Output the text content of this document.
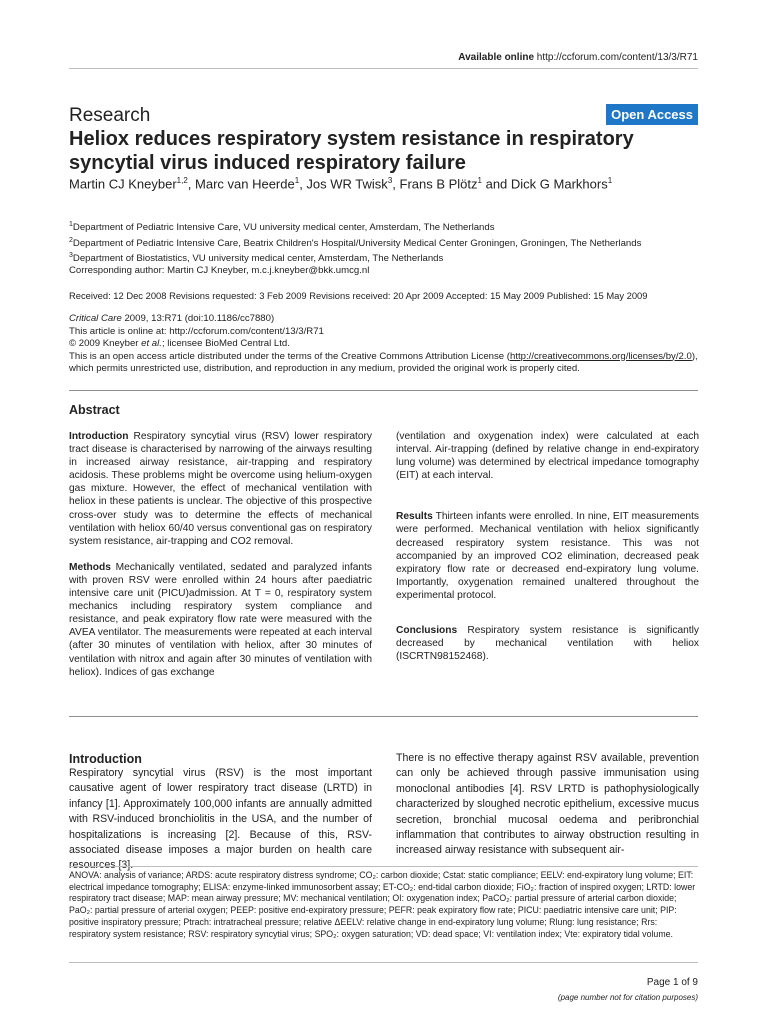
Available online http://ccforum.com/content/13/3/R71
Research	Open Access
Heliox reduces respiratory system resistance in respiratory syncytial virus induced respiratory failure
Martin CJ Kneyber$^{1,2}$, Marc van Heerde$^1$, Jos WR Twisk$^3$, Frans B Plötz$^1$ and Dick G Markhors$^1$
$^1$Department of Pediatric Intensive Care, VU university medical center, Amsterdam, The Netherlands
$^2$Department of Pediatric Intensive Care, Beatrix Children's Hospital/University Medical Center Groningen, Groningen, The Netherlands
$^3$Department of Biostatistics, VU university medical center, Amsterdam, The Netherlands
Corresponding author: Martin CJ Kneyber, m.c.j.kneyber@bkk.umcg.nl
Received: 12 Dec 2008 Revisions requested: 3 Feb 2009 Revisions received: 20 Apr 2009 Accepted: 15 May 2009 Published: 15 May 2009
Critical Care 2009, 13:R71 (doi:10.1186/cc7880)
This article is online at: http://ccforum.com/content/13/3/R71
© 2009 Kneyber et al.; licensee BioMed Central Ltd.
This is an open access article distributed under the terms of the Creative Commons Attribution License (http://creativecommons.org/licenses/by/2.0),
which permits unrestricted use, distribution, and reproduction in any medium, provided the original work is properly cited.
Abstract

Introduction Respiratory syncytial virus (RSV) lower respiratory tract disease is characterised by narrowing of the airways resulting in increased airway resistance, air-trapping and respiratory acidosis. These problems might be overcome using helium-oxygen gas mixture. However, the effect of mechanical ventilation with heliox in these patients is unclear. The objective of this prospective cross-over study was to determine the effects of mechanical ventilation with heliox 60/40 versus conventional gas on respiratory system resistance, air-trapping and CO2 removal.

Methods Mechanically ventilated, sedated and paralyzed infants with proven RSV were enrolled within 24 hours after paediatric intensive care unit (PICU)admission. At T = 0, respiratory system mechanics including respiratory system compliance and resistance, and peak expiratory flow rate were measured with the AVEA ventilator. The measurements were repeated at each interval (after 30 minutes of ventilation with heliox, after 30 minutes of ventilation with nitrox and again after 30 minutes of ventilation with heliox). Indices of gas exchange

(ventilation and oxygenation index) were calculated at each interval. Air-trapping (defined by relative change in end-expiratory lung volume) was determined by electrical impedance tomography (EIT) at each interval.

Results Thirteen infants were enrolled. In nine, EIT measurements were performed. Mechanical ventilation with heliox significantly decreased respiratory system resistance. This was not accompanied by an improved CO2 elimination, decreased peak expiratory flow rate or decreased end-expiratory lung volume. Importantly, oxygenation remained unaltered throughout the experimental protocol.

Conclusions Respiratory system resistance is significantly decreased by mechanical ventilation with heliox (ISCRTN98152468).

Introduction
Respiratory syncytial virus (RSV) is the most important causative agent of lower respiratory tract disease (LRTD) in infancy [1]. Approximately 100,000 infants are annually admitted with RSV-induced bronchiolitis in the USA, and the number of hospitalizations is increasing [2]. Because of this, RSV-associated disease imposes a major burden on health care resources [3].
There is no effective therapy against RSV available, prevention can only be achieved through passive immunisation using monoclonal antibodies [4]. RSV LRTD is pathophysiologically characterized by sloughed necrotic epithelium, excessive mucus secretion, bronchial mucosal oedema and peribronchial inflammation that contributes to airway obstruction resulting in increased airway resistance with subsequent air-
ANOVA: analysis of variance; ARDS: acute respiratory distress syndrome; CO₂: carbon dioxide; Cstat: static compliance; EELV: end-expiratory lung volume; EIT: electrical impedance tomography; ELISA: enzyme-linked immunosorbent assay; ET-CO₂: end-tidal carbon dioxide; FiO₂: fraction of inspired oxygen; LRTD: lower respiratory tract disease; MAP: mean airway pressure; MV: mechanical ventilation; OI: oxygenation index; PaCO₂: partial pressure of arterial carbon dioxide; PaO₂: partial pressure of arterial oxygen; PEEP: positive end-expiratory pressure; PEFR: peak expiratory flow rate; PICU: paediatric intensive care unit; PIP: positive inspiratory pressure; Ptrach: intratracheal pressure; relative ΔEELV: relative change in end-expiratory lung volume; Rlung: lung resistance; Rrs: respiratory system resistance; RSV: respiratory syncytial virus; SPO₂: oxygen saturation; VD: dead space; VI: ventilation index; Vte: expiratory tidal volume.
Page 1 of 9
(page number not for citation purposes)
